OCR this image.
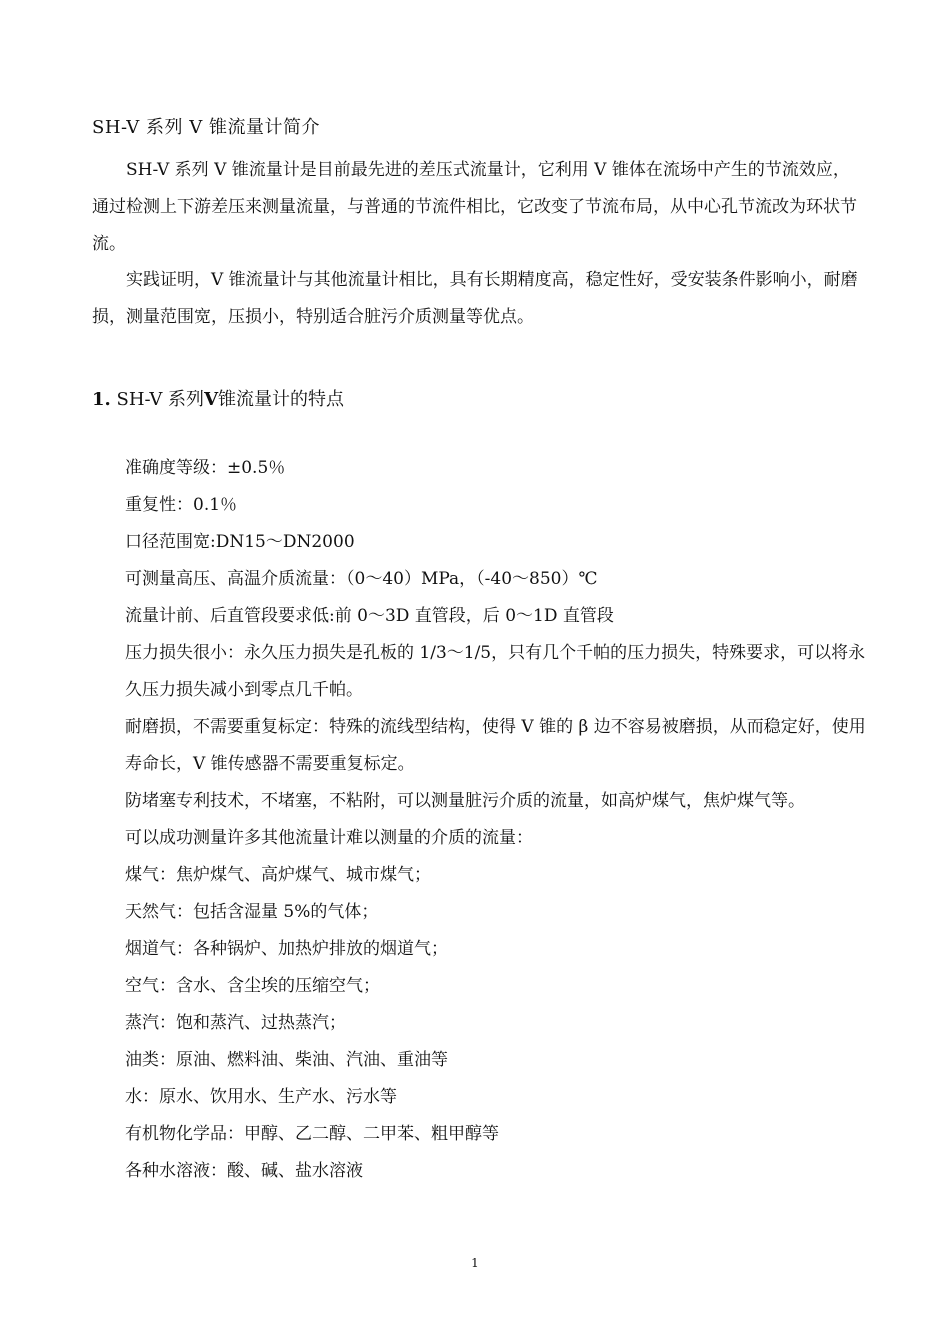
SH-V 系列 V 锥流量计简介

SH-V 系列 V 锥流量计是目前最先进的差压式流量计，它利用 V 锥体在流场中产生的节流效应，通过检测上下游差压来测量流量，与普通的节流件相比，它改变了节流布局，从中心孔节流改为环状节流。

实践证明，V 锥流量计与其他流量计相比，具有长期精度高，稳定性好，受安装条件影响小，耐磨损，测量范围宽，压损小，特别适合脏污介质测量等优点。

1. SH-V 系列V锥流量计的特点
准确度等级：±0.5％
重复性：0.1％
口径范围宽:DN15～DN2000
可测量高压、高温介质流量：（0～40）MPa，（-40～850）℃
流量计前、后直管段要求低:前 0～3D 直管段，后 0～1D 直管段
压力损失很小：永久压力损失是孔板的 1/3～1/5，只有几个千帕的压力损失，特殊要求，可以将永久压力损失减小到零点几千帕。
耐磨损，不需要重复标定：特殊的流线型结构，使得 V 锥的 β 边不容易被磨损，从而稳定好，使用寿命长，V 锥传感器不需要重复标定。
防堵塞专利技术，不堵塞，不粘附，可以测量脏污介质的流量，如高炉煤气，焦炉煤气等。
可以成功测量许多其他流量计难以测量的介质的流量：
煤气：焦炉煤气、高炉煤气、城市煤气；
天然气：包括含湿量 5%的气体；
烟道气：各种锅炉、加热炉排放的烟道气；
空气：含水、含尘埃的压缩空气；
蒸汽：饱和蒸汽、过热蒸汽；
油类：原油、燃料油、柴油、汽油、重油等
水：原水、饮用水、生产水、污水等
有机物化学品：甲醇、乙二醇、二甲苯、粗甲醇等
各种水溶液：酸、碱、盐水溶液
1
